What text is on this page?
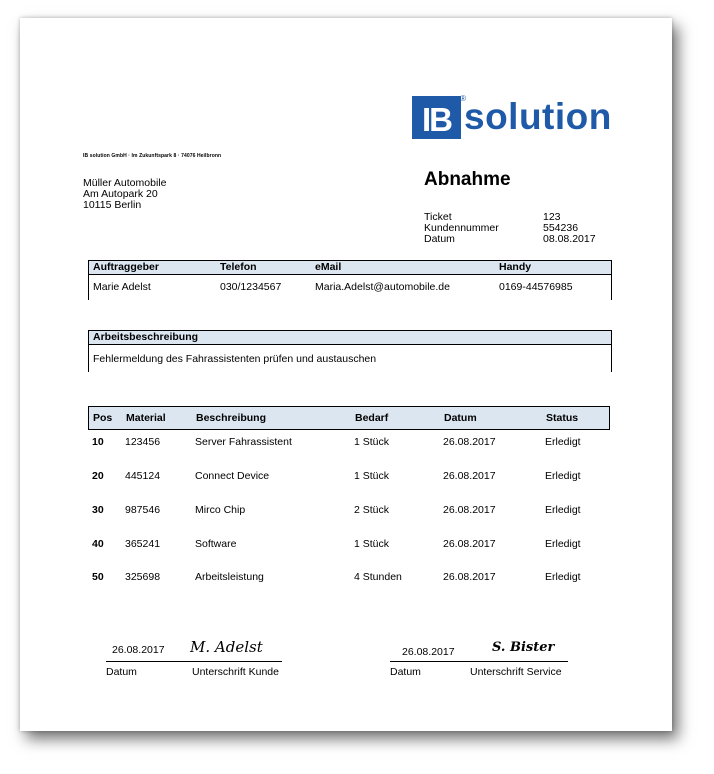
IB
®
solution
IB solution GmbH · Im Zukunftspark 8 · 74076 Heilbronn
Müller Automobile
Am Autopark 20
10115 Berlin
Abnahme
Ticket	123
Kundennummer	554236
Datum	08.08.2017
Auftraggeber	Telefon	eMail	Handy
Marie Adelst	030/1234567	Maria.Adelst@automobile.de	0169-44576985
Arbeitsbeschreibung
Fehlermeldung des Fahrassistenten prüfen und austauschen
Pos Material	Beschreibung	Bedarf	Datum	Status
10 123456	Server Fahrassistent	1 Stück	26.08.2017	Erledigt
20 445124	Connect Device	1 Stück	26.08.2017	Erledigt
30 987546	Mirco Chip	2 Stück	26.08.2017	Erledigt
40 365241	Software	1 Stück	26.08.2017	Erledigt
50 325698	Arbeitsleistung	4 Stunden	26.08.2017	Erledigt
26.08.2017 M. Adelst
Datum	Unterschrift Kunde
26.08.2017	S. Bister
Datum	Unterschrift Service
